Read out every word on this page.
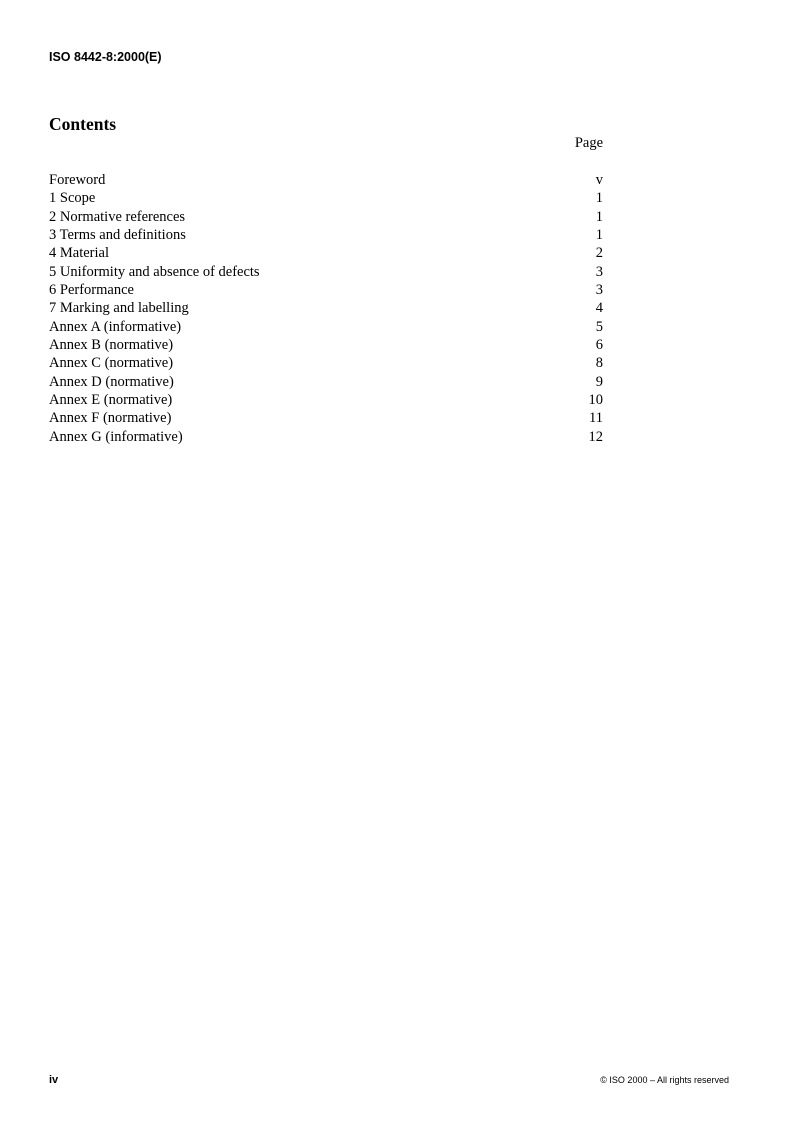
ISO 8442-8:2000(E)
Contents
Page
Foreword	v
1 Scope	1
2 Normative references	1
3 Terms and definitions	1
4 Material	2
5 Uniformity and absence of defects	3
6 Performance	3
7 Marking and labelling	4
Annex A (informative)	5
Annex B (normative)	6
Annex C (normative)	8
Annex D (normative)	9
Annex E (normative)	10
Annex F (normative)	11
Annex G (informative)	12
iv	© ISO 2000 – All rights reserved
